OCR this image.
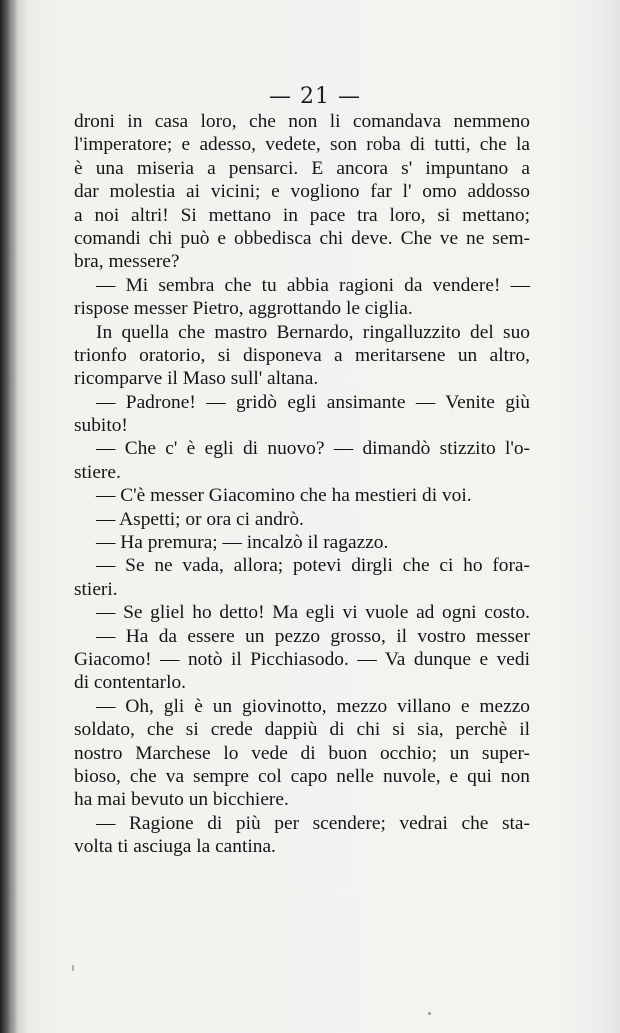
— 21 —
droni in casa loro, che non li comandava nemmeno
l'imperatore; e adesso, vedete, son roba di tutti, che la
è una miseria a pensarci. E ancora s' impuntano a
dar molestia ai vicini; e vogliono far l' omo addosso
a noi altri! Si mettano in pace tra loro, si mettano;
comandi chi può e obbedisca chi deve. Che ve ne sem-
bra, messere?
— Mi sembra che tu abbia ragioni da vendere! —
rispose messer Pietro, aggrottando le ciglia.
In quella che mastro Bernardo, ringalluzzito del suo
trionfo oratorio, si disponeva a meritarsene un altro,
ricomparve il Maso sull' altana.
— Padrone! — gridò egli ansimante — Venite giù
subito!
— Che c' è egli di nuovo? — dimandò stizzito l'o-
stiere.
— C'è messer Giacomino che ha mestieri di voi.
— Aspetti; or ora ci andrò.
— Ha premura; — incalzò il ragazzo.
— Se ne vada, allora; potevi dirgli che ci ho fora-
stieri.
— Se gliel ho detto! Ma egli vi vuole ad ogni costo.
— Ha da essere un pezzo grosso, il vostro messer
Giacomo! — notò il Picchiasodo. — Va dunque e vedi
di contentarlo.
— Oh, gli è un giovinotto, mezzo villano e mezzo
soldato, che si crede dappiù di chi si sia, perchè il
nostro Marchese lo vede di buon occhio; un super-
bioso, che va sempre col capo nelle nuvole, e qui non
ha mai bevuto un bicchiere.
— Ragione di più per scendere; vedrai che sta-
volta ti asciuga la cantina.
